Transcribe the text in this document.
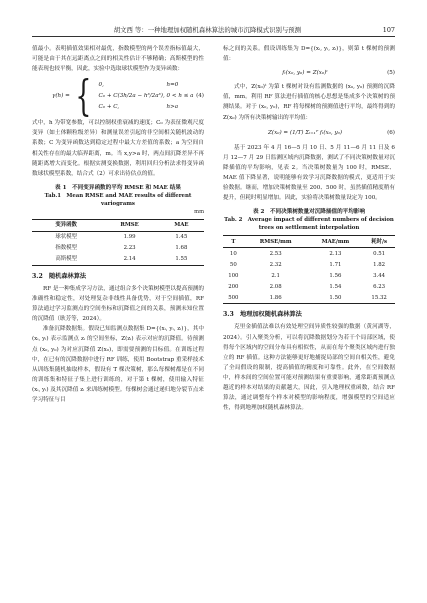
胡文西 等：一种地理加权随机森林算法的城市沉降模式识别与预测	107

值最小。表明插值效果相对最优，指数模型的两个误差指标值最大，可能是由于其在远距离点之间的相关性估计不够精确；高斯模型的性能表现也较平衡，因此，实验中选取球状模型作为变异函数：

γ(h) = { 0,	h=0
C₀ + C(3h/2a − h³/2a³), 0 < h ≤ a
C₀ + C,	h>a
(4)

式中，h 为带宽参数，可以控制权重衰减的速度；C₀ 为表征微观尺度变异（如土体颗粒级差异）和测量误差引起的非空间相关随机波动的系数；C 为变异函数达到稳定过程中最大方差值的系数；a 为空间自相关性存在的最大临界距离，m。当 x,y>a 时，两点间沉降差异不再随距离增大而变化。根据实测变换数据，利用回归分析法求得变异函数球状模型系数，结合式（2）可求出待估点的值。

表 1　不同变异函数的平均 RMSE 和 MAE 结果
Tab.1　Mean RMSE and MAE results of different variograms
mm
变异函数	RMSE	MAE
球状模型	1.99	1.45
指数模型	2.23	1.68
高斯模型	2.14	1.55
3.2　随机森林算法

RF 是一种集成学习方法，通过组合多个决策树模型以提高预测的准确性和稳定性，对处理复杂非线性具备优势，对于空间插值，RF 算法通过学习监测点的空间坐标和沉降值之间的关系，预测未知位置的沉降值（耿芳等，2024）。

准备沉降数据集。假设已知监测点数据集 D={(xᵢ, yᵢ, zᵢ)}，其中 (xᵢ, yᵢ) 表示监测点 zᵢ 的空间坐标，Z(zᵢ) 表示对应的沉降值。待预测点 (x₀, y₀) 为对应沉降值 Z(x₀)，即需要预测的目标值。在训练过程中，在已有的沉降数据中进行 RF 训练，使用 Bootstrap 重采样技术从训练集随机抽取样本，假设有 T 棵决策树，那么每棵树都是在不同的训练集和特征子集上进行训练的，对于第 t 棵树，使用输入特征 (xᵢ, yᵢ) 及其沉降值 zᵢ 来训练树模型。每棵树会通过递归地分裂节点来学习特征与目

标之间的关系。假设训练集为 D={(xᵢ, yᵢ, zᵢ)}，则第 t 棵树的预测值：

fₜ(x₀, y₀) = Z(x₀)ᵗ	(5)

式中，Z(x₀)ᵗ 为第 t 棵树对设有监测数据的 (x₀, y₀) 预测的沉降值，mm。利用 RF 算法进行插值的核心思想是集成多个决策树的预测结果。对于 (x₀, y₀)，RF 将每棵树的预测值进行平均，最终得到的 Z(x₀) 为所有决策树输出的平均值：

Z(x₀) = (1/T) Σₜ₌₁ᵀ fₜ(x₀, y₀)	(6)

基于 2023 年 4 月 16—5 月 10 日、5 月 11—6 月 11 日及 6 月 12—7 月 29 日监测区域内沉降数据，测试了不同决策树数量对沉降插值的平均影响，见表 2。当决策树数量为 100 时，RMSE、MAE 值下降显著，说明能够有效学习沉降数据的模式，更适用于实验数据。继而，增加决策树数量至 200、500 时，虽然插值精度稍有提升，但耗时明显增加。因此，实验将决策树数量设定为 100。

表 2　不同决策树数量对沉降插值的平均影响
Tab. 2　Average impact of different numbers of decision trees on settlement interpolation
T	RMSE/mm	MAE/mm	耗时/s
10	2.53	2.13	0.51
50	2.32	1.71	1.82
100	2.1	1.56	3.44
200	2.08	1.54	6.23
500	1.86	1.50	15.32
3.3　地理加权随机森林算法

克里金插值法难以有效处理空间异质性较强的数据（黄河湖等，2024）。引入聚类分析，可以将沉降数据划分为若干个局部区域，使得每个区域内的空间分布具有相似性，从而在每个聚类区域内进行独立的 RF 插值。这种方法能够更好地捕捉局部的空间自相关性，避免了全局假设的限制，提高插值的精度和可靠性。此外，在空间数据中，样本间的空间位置可能对预测结果有重要影响，通常距离预测点越近的样本对结果的贡献越大，因此，引入地理权重函数，结合 RF 算法，通过调整每个样本对模型的影响程度，增强模型的空间适应性，得到地理加权随机森林算法。
